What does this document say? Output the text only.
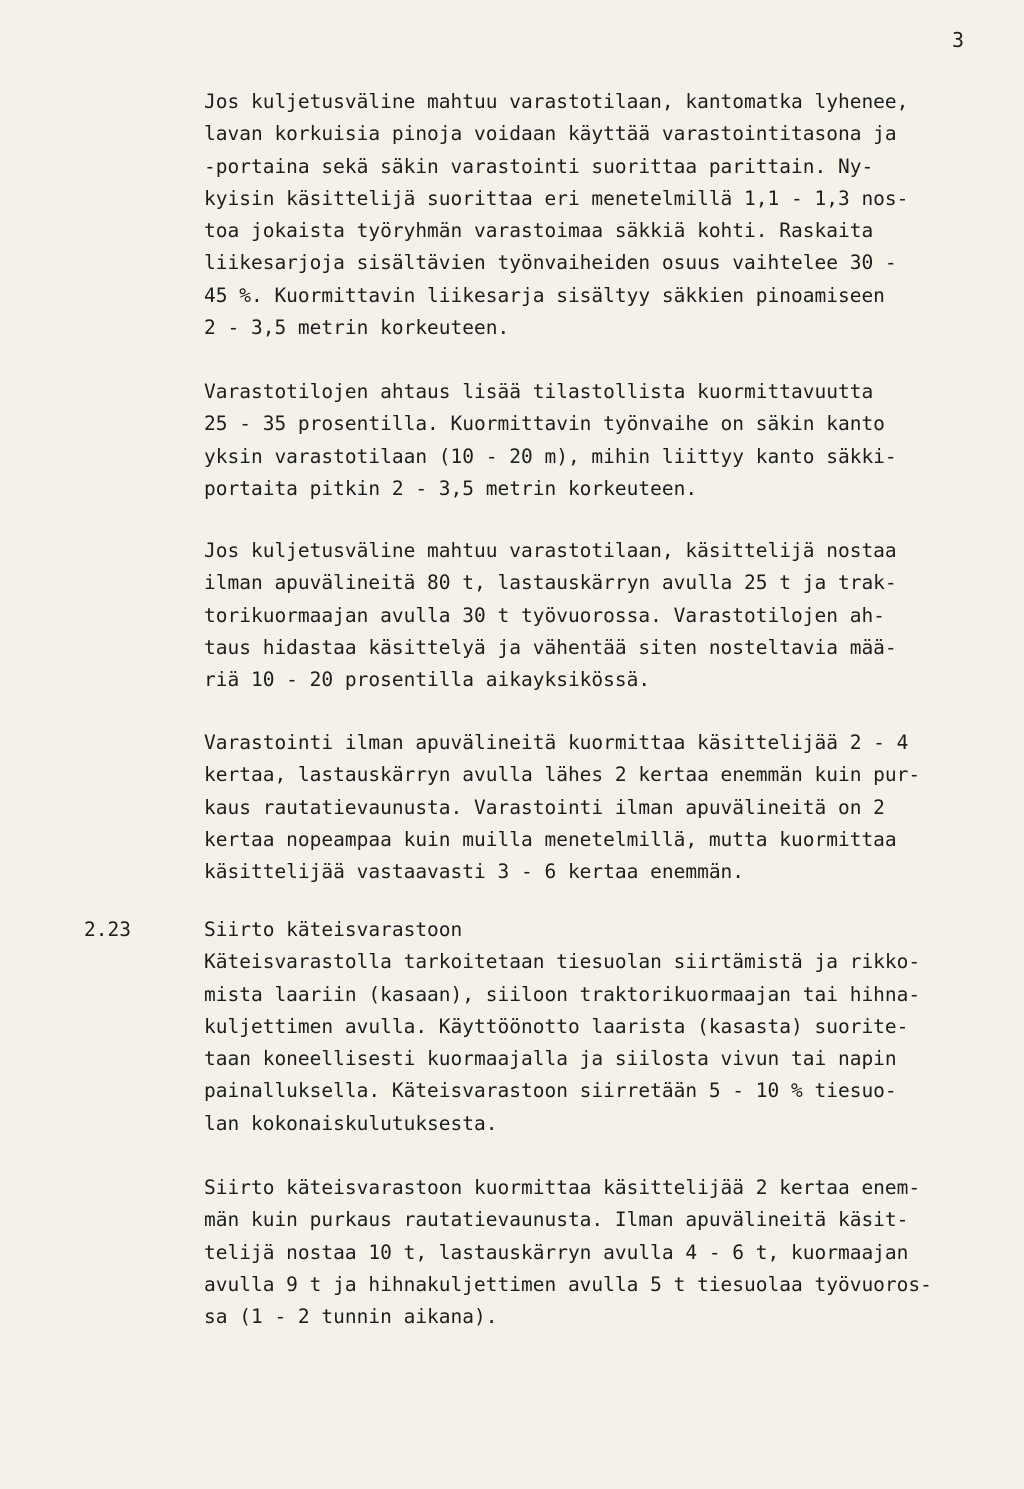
3

Jos kuljetusväline mahtuu varastotilaan, kantomatka lyhenee,
lavan korkuisia pinoja voidaan käyttää varastointitasona ja
-portaina sekä säkin varastointi suorittaa parittain. Ny-
kyisin käsittelijä suorittaa eri menetelmillä 1,1 - 1,3 nos-
toa jokaista työryhmän varastoimaa säkkiä kohti. Raskaita
liikesarjoja sisältävien työnvaiheiden osuus vaihtelee 30 -
45 %. Kuormittavin liikesarja sisältyy säkkien pinoamiseen
2 - 3,5 metrin korkeuteen.

Varastotilojen ahtaus lisää tilastollista kuormittavuutta
25 - 35 prosentilla. Kuormittavin työnvaihe on säkin kanto
yksin varastotilaan (10 - 20 m), mihin liittyy kanto säkki-
portaita pitkin 2 - 3,5 metrin korkeuteen.

Jos kuljetusväline mahtuu varastotilaan, käsittelijä nostaa
ilman apuvälineitä 80 t, lastauskärryn avulla 25 t ja trak-
torikuormaajan avulla 30 t työvuorossa. Varastotilojen ah-
taus hidastaa käsittelyä ja vähentää siten nosteltavia mää-
riä 10 - 20 prosentilla aikayksikössä.

Varastointi ilman apuvälineitä kuormittaa käsittelijää 2 - 4
kertaa, lastauskärryn avulla lähes 2 kertaa enemmän kuin pur-
kaus rautatievaunusta. Varastointi ilman apuvälineitä on 2
kertaa nopeampaa kuin muilla menetelmillä, mutta kuormittaa
käsittelijää vastaavasti 3 - 6 kertaa enemmän.

2.23	Siirto käteisvarastoon
Käteisvarastolla tarkoitetaan tiesuolan siirtämistä ja rikko-
mista laariin (kasaan), siiloon traktorikuormaajan tai hihna-
kuljettimen avulla. Käyttöönotto laarista (kasasta) suorite-
taan koneellisesti kuormaajalla ja siilosta vivun tai napin
painalluksella. Käteisvarastoon siirretään 5 - 10 % tiesuo-
lan kokonaiskulutuksesta.

Siirto käteisvarastoon kuormittaa käsittelijää 2 kertaa enem-
män kuin purkaus rautatievaunusta. Ilman apuvälineitä käsit-
telijä nostaa 10 t, lastauskärryn avulla 4 - 6 t, kuormaajan
avulla 9 t ja hihnakuljettimen avulla 5 t tiesuolaa työvuoros-
sa (1 - 2 tunnin aikana).
